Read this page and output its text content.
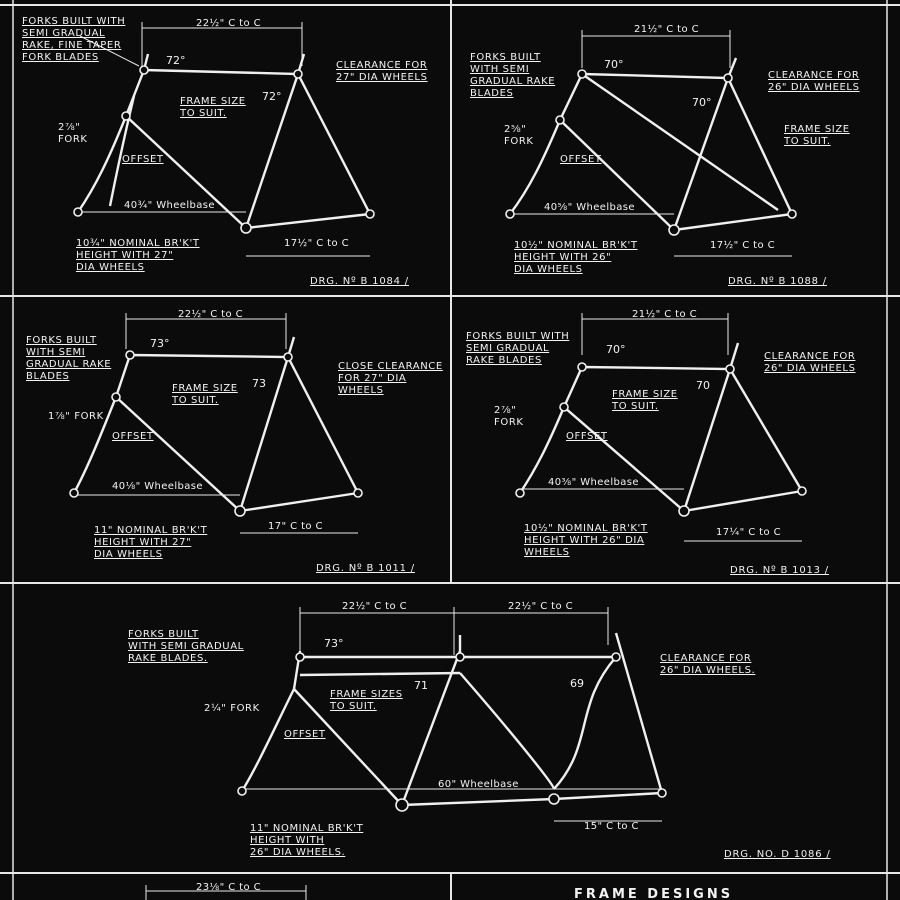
FORKS BUILT WITH
SEMI GRADUAL
RAKE, FINE TAPER
FORK BLADES
CLEARANCE FOR
27" DIA WHEELS
FRAME SIZE
TO SUIT.
2⅞" FORK
OFFSET
10¾" NOMINAL BR'K'T
HEIGHT WITH 27"
DIA WHEELS
22½" C to C
40¾" Wheelbase
17½" C to C
72°
72°
DRG. Nº B 1084 /
FORKS BUILT
WITH SEMI
GRADUAL RAKE
BLADES
CLEARANCE FOR
26" DIA WHEELS
FRAME SIZE
TO SUIT.
2⅝" FORK
OFFSET
10½" NOMINAL BR'K'T
HEIGHT WITH 26"
DIA WHEELS
21½" C to C
40⅝" Wheelbase
17½" C to C
70°
70°
DRG. Nº B 1088 /
FORKS BUILT
WITH SEMI
GRADUAL RAKE
BLADES
CLOSE CLEARANCE
FOR 27" DIA
WHEELS
FRAME SIZE
TO SUIT.
1⅞" FORK
OFFSET
11" NOMINAL BR'K'T
HEIGHT WITH 27"
DIA WHEELS
22½" C to C
40⅛" Wheelbase
17" C to C
73°
73
DRG. Nº B 1011 /
FORKS BUILT WITH
SEMI GRADUAL
RAKE BLADES	CLEARANCE FOR
26" DIA WHEELS
FRAME SIZE
TO SUIT.
2⅞" FORK
OFFSET
10½" NOMINAL BR'K'T
HEIGHT WITH 26" DIA
WHEELS
21½" C to C
40⅜" Wheelbase
17¼" C to C
70°
70
DRG. Nº B 1013 /
FORKS BUILT
WITH SEMI GRADUAL
RAKE BLADES.	CLEARANCE FOR
26" DIA WHEELS.
FRAME SIZES
TO SUIT.
2¼" FORK
OFFSET
11" NOMINAL BR'K'T
HEIGHT WITH
26" DIA WHEELS.
22½" C to C	22½" C to C
60" Wheelbase
15" C to C
73°
71	69
DRG. NO. D 1086 /
23⅛" C to C	FRAME DESIGNS
